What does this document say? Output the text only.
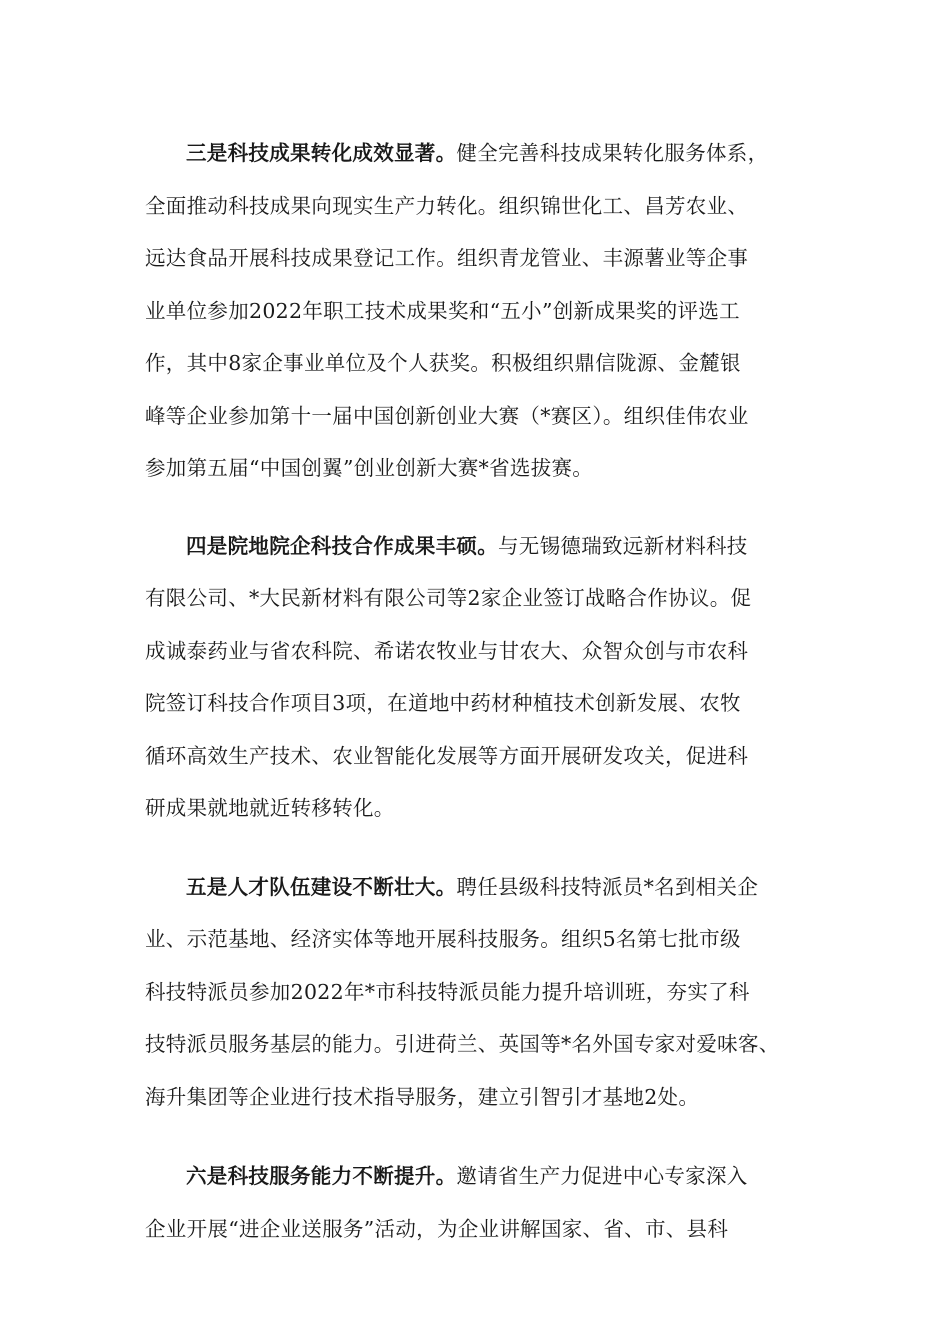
三是科技成果转化成效显著。健全完善科技成果转化服务体系，
全面推动科技成果向现实生产力转化。组织锦世化工、昌芳农业、
远达食品开展科技成果登记工作。组织青龙管业、丰源薯业等企事
业单位参加2022年职工技术成果奖和“五小”创新成果奖的评选工
作，其中8家企事业单位及个人获奖。积极组织鼎信陇源、金麓银
峰等企业参加第十一届中国创新创业大赛（*赛区）。组织佳伟农业
参加第五届“中国创翼”创业创新大赛*省选拔赛。
四是院地院企科技合作成果丰硕。与无锡德瑞致远新材料科技
有限公司、*大民新材料有限公司等2家企业签订战略合作协议。促
成诚泰药业与省农科院、希诺农牧业与甘农大、众智众创与市农科
院签订科技合作项目3项，在道地中药材种植技术创新发展、农牧
循环高效生产技术、农业智能化发展等方面开展研发攻关，促进科
研成果就地就近转移转化。
五是人才队伍建设不断壮大。聘任县级科技特派员*名到相关企
业、示范基地、经济实体等地开展科技服务。组织5名第七批市级
科技特派员参加2022年*市科技特派员能力提升培训班，夯实了科
技特派员服务基层的能力。引进荷兰、英国等*名外国专家对爱味客、
海升集团等企业进行技术指导服务，建立引智引才基地2处。
六是科技服务能力不断提升。邀请省生产力促进中心专家深入
企业开展“进企业送服务”活动，为企业讲解国家、省、市、县科
